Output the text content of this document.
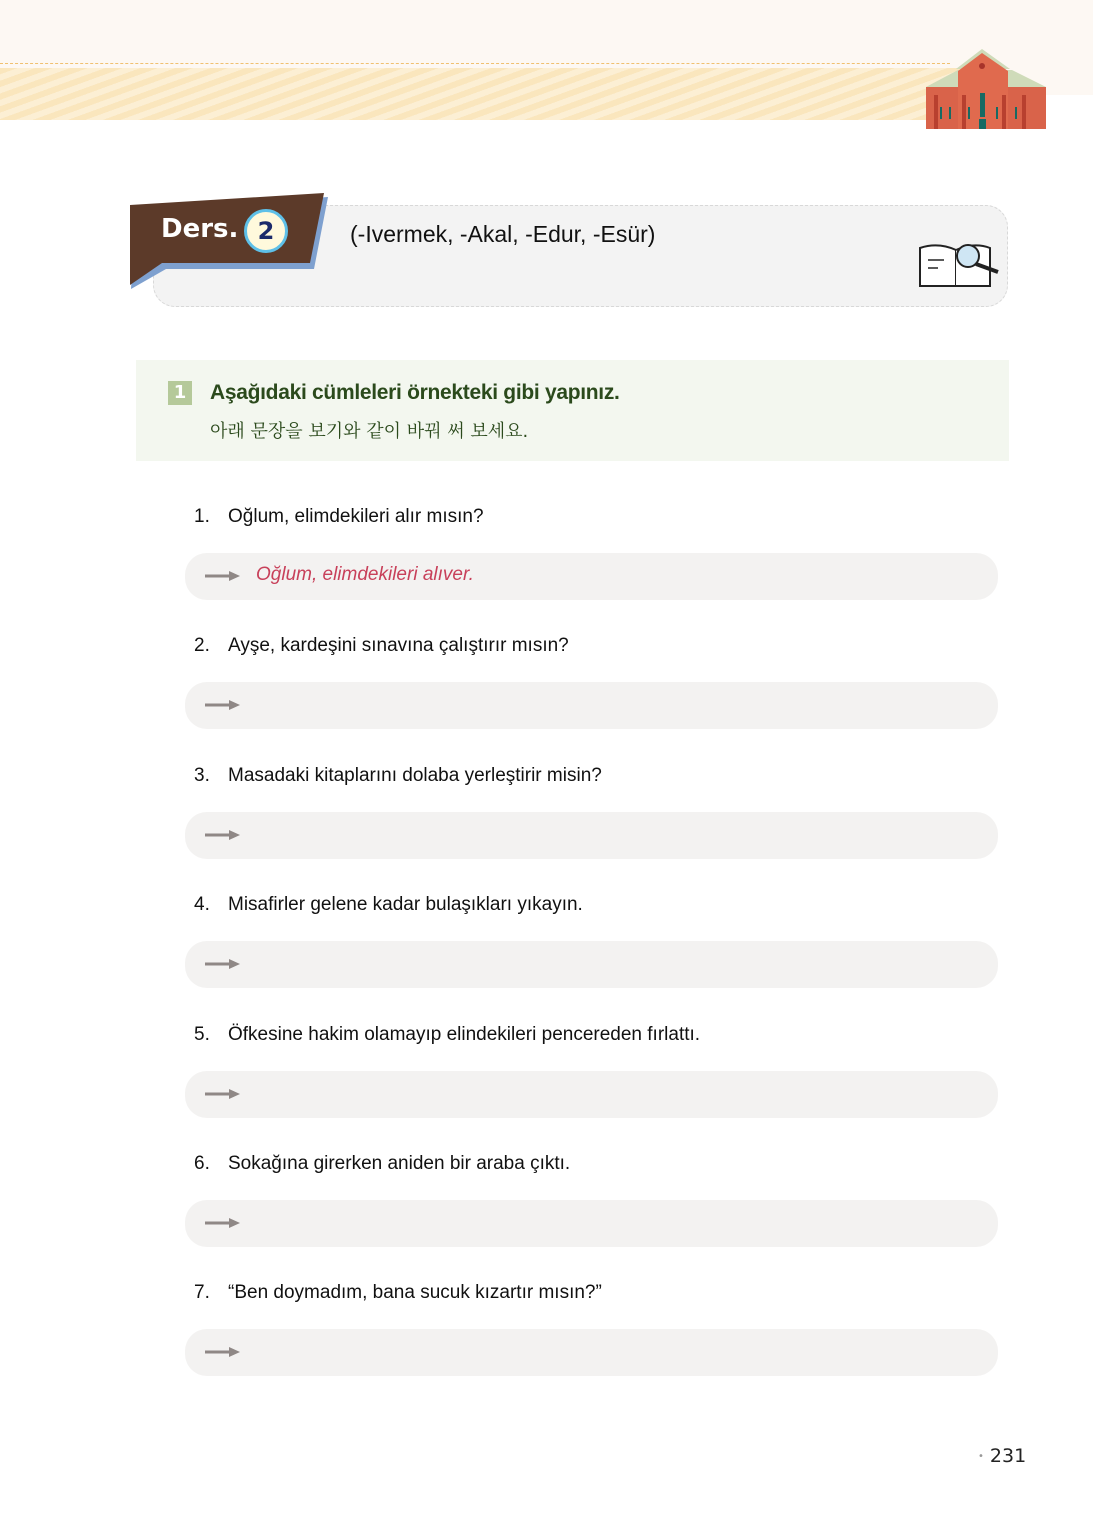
Ders. 2	(-Ivermek, -Akal, -Edur, -Esür)
1 Aşağıdaki cümleleri örnekteki gibi yapınız.
아래 문장을 보기와 같이 바꿔 써 보세요.
1. Oğlum, elimdekileri alır mısın?
Oğlum, elimdekileri alıver.
2. Ayşe, kardeşini sınavına çalıştırır mısın?
3. Masadaki kitaplarını dolaba yerleştirir misin?
4. Misafirler gelene kadar bulaşıkları yıkayın.
5. Öfkesine hakim olamayıp elindekileri pencereden fırlattı.
6. Sokağına girerken aniden bir araba çıktı.
7. “Ben doymadım, bana sucuk kızartır mısın?”
• 231
